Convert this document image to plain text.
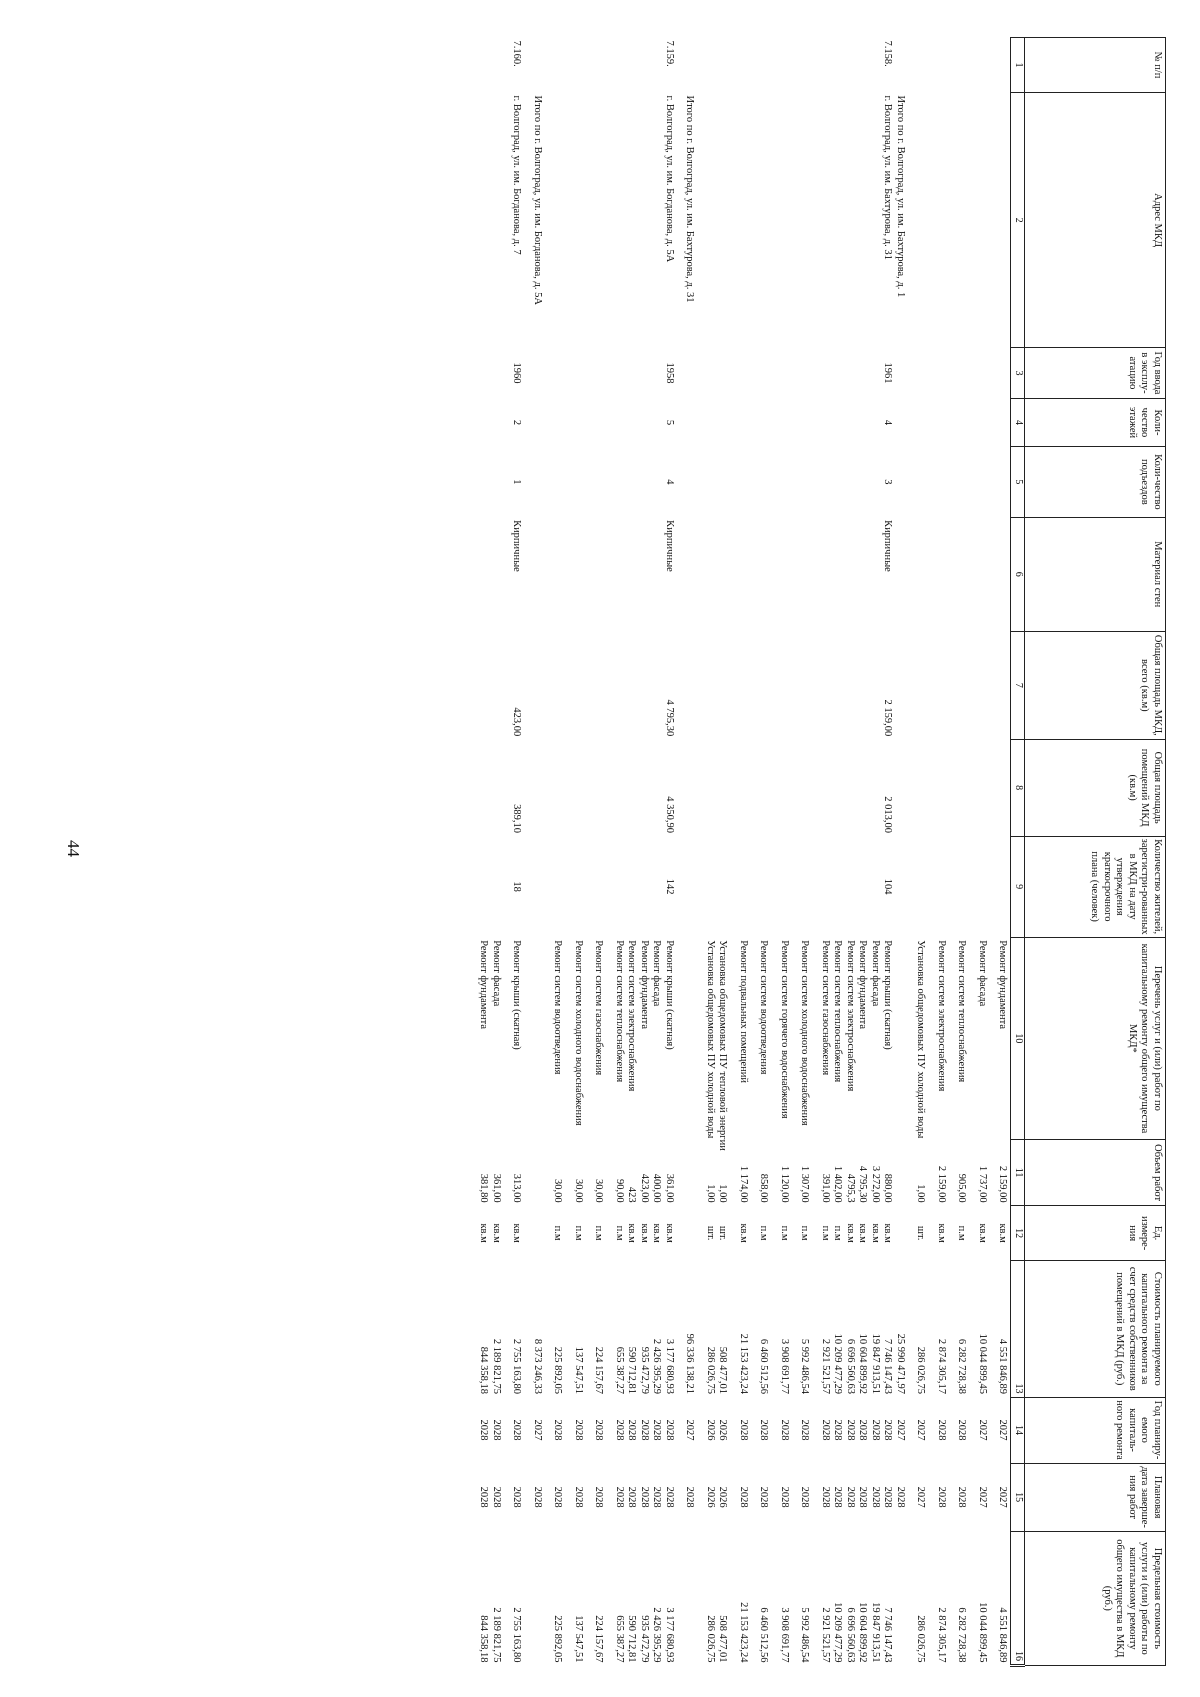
44
№ п/п	Адрес МКД	Год ввода в эксплу-атацию	Коли-чество этажей	Коли-чество подъездов	Материал стен	Общая площадь МКД, всего (кв.м)	Общая площадь помещений МКД (кв.м)	Количество жителей, зарегистри-рованных в МКД на дату утверждения краткосрочного плана (человек)	Перечень услуг и (или) работ по капитальному ремонту общего имущества МКД*	Объем работ	Ед. измере-ния	Стоимость планируемого капитального ремонта за счет средств собственников помещений в МКД (руб.)	Год планиру-емого капиталь-ного ремонта	Плановая дата заверше-ния работ	Предельная стоимость услуги и (или) работы по капитальному ремонту общего имущества в МКД (руб.)
1	2	3	4	5	6	7	8	9	10	11	12	13	14	15	16
									Ремонт фундамента	2 159,00	кв.м	4 551 846,89	2027	2027	4 551 846,89

									Ремонт фасада	1 737,00	кв.м	10 044 899,45	2027	2027	10 044 899,45

									Ремонт систем теплоснабжения	905,00	п.м	6 282 728,38	2028	2028	6 282 728,38

									Ремонт систем электроснабжения	2 159,00	кв.м	2 874 305,17	2028	2028	2 874 305,17

									Установка общедомовых ПУ холодной воды	1,00	шт.	286 026,75	2027	2027	286 026,75

	Итого по г. Волгоград, ул. им. Бахтурова, д. 1											25 990 471,97	2027	2028	
7.158.	г. Волгоград, ул. им. Бахтурова, д. 31	1961	4	3	Кирпичные	2 159,00	2 013,00	104	Ремонт крыши (скатная)	880,00	кв.м	7 746 147,43	2028	2028	7 746 147,43
									Ремонт фасада	3 272,00	кв.м	19 847 913,51	2028	2028	19 847 913,51
									Ремонт фундамента	4 795,30	кв.м	10 604 899,92	2028	2028	10 604 899,92
									Ремонт систем электроснабжения	4795,3	кв.м	6 696 560,63	2028	2028	6 696 560,63
									Ремонт систем теплоснабжения	1 402,00	п.м	10 209 477,29	2028	2028	10 209 477,29
									Ремонт систем газоснабжения	391,00	п.м	2 921 521,57	2028	2028	2 921 521,57

									Ремонт систем холодного водоснабжения	1 307,00	п.м	5 992 486,54	2028	2028	5 992 486,54

									Ремонт систем горячего водоснабжения	1 120,00	п.м	3 908 691,77	2028	2028	3 908 691,77

									Ремонт систем водоотведения	858,00	п.м	6 460 512,56	2028	2028	6 460 512,56

									Ремонт подвальных помещений	1 174,00	кв.м	21 153 423,24	2028	2028	21 153 423,24

									Установка общедомовых ПУ тепловой энергии	1,00	шт.	508 477,01	2026	2026	508 477,01
									Установка общедомовых ПУ холодной воды	1,00	шт.	286 026,75	2026	2026	286 026,75

	Итого по г. Волгоград, ул. им. Бахтурова, д. 31											96 336 138,21	2027	2028	

7.159.	г. Волгоград, ул. им. Богданова, д. 5А	1958	5	4	Кирпичные	4 795,30	4 350,90	142	Ремонт крыши (скатная)	361,00	кв.м	3 177 680,93	2028	2028	3 177 680,93
									Ремонт фасада	400,00	кв.м	2 426 395,29	2028	2028	2 426 395,29
									Ремонт фундамента	423,00	кв.м	935 472,79	2028	2028	935 472,79
									Ремонт систем электроснабжения	423	кв.м	590 712,81	2028	2028	590 712,81
									Ремонт систем теплоснабжения	90,00	п.м	655 387,27	2028	2028	655 387,27

									Ремонт систем газоснабжения	30,00	п.м	224 157,67	2028	2028	224 157,67

									Ремонт систем холодного водоснабжения	30,00	п.м	137 547,51	2028	2028	137 547,51

									Ремонт систем водоотведения	30,00	п.м	225 892,05	2028	2028	225 892,05

	Итого по г. Волгоград, ул. им. Богданова, д. 5А											8 373 246,33	2027	2028	

7.160.	г. Волгоград, ул. им. Богданова, д. 7	1960	2	1	Кирпичные	423,00	389,10	18	Ремонт крыши (скатная)	313,00	кв.м	2 755 163,80	2028	2028	2 755 163,80

									Ремонт фасада	361,00	кв.м	2 189 821,75	2028	2028	2 189 821,75
									Ремонт фундамента	381,80	кв.м	844 358,18	2028	2028	844 358,18
